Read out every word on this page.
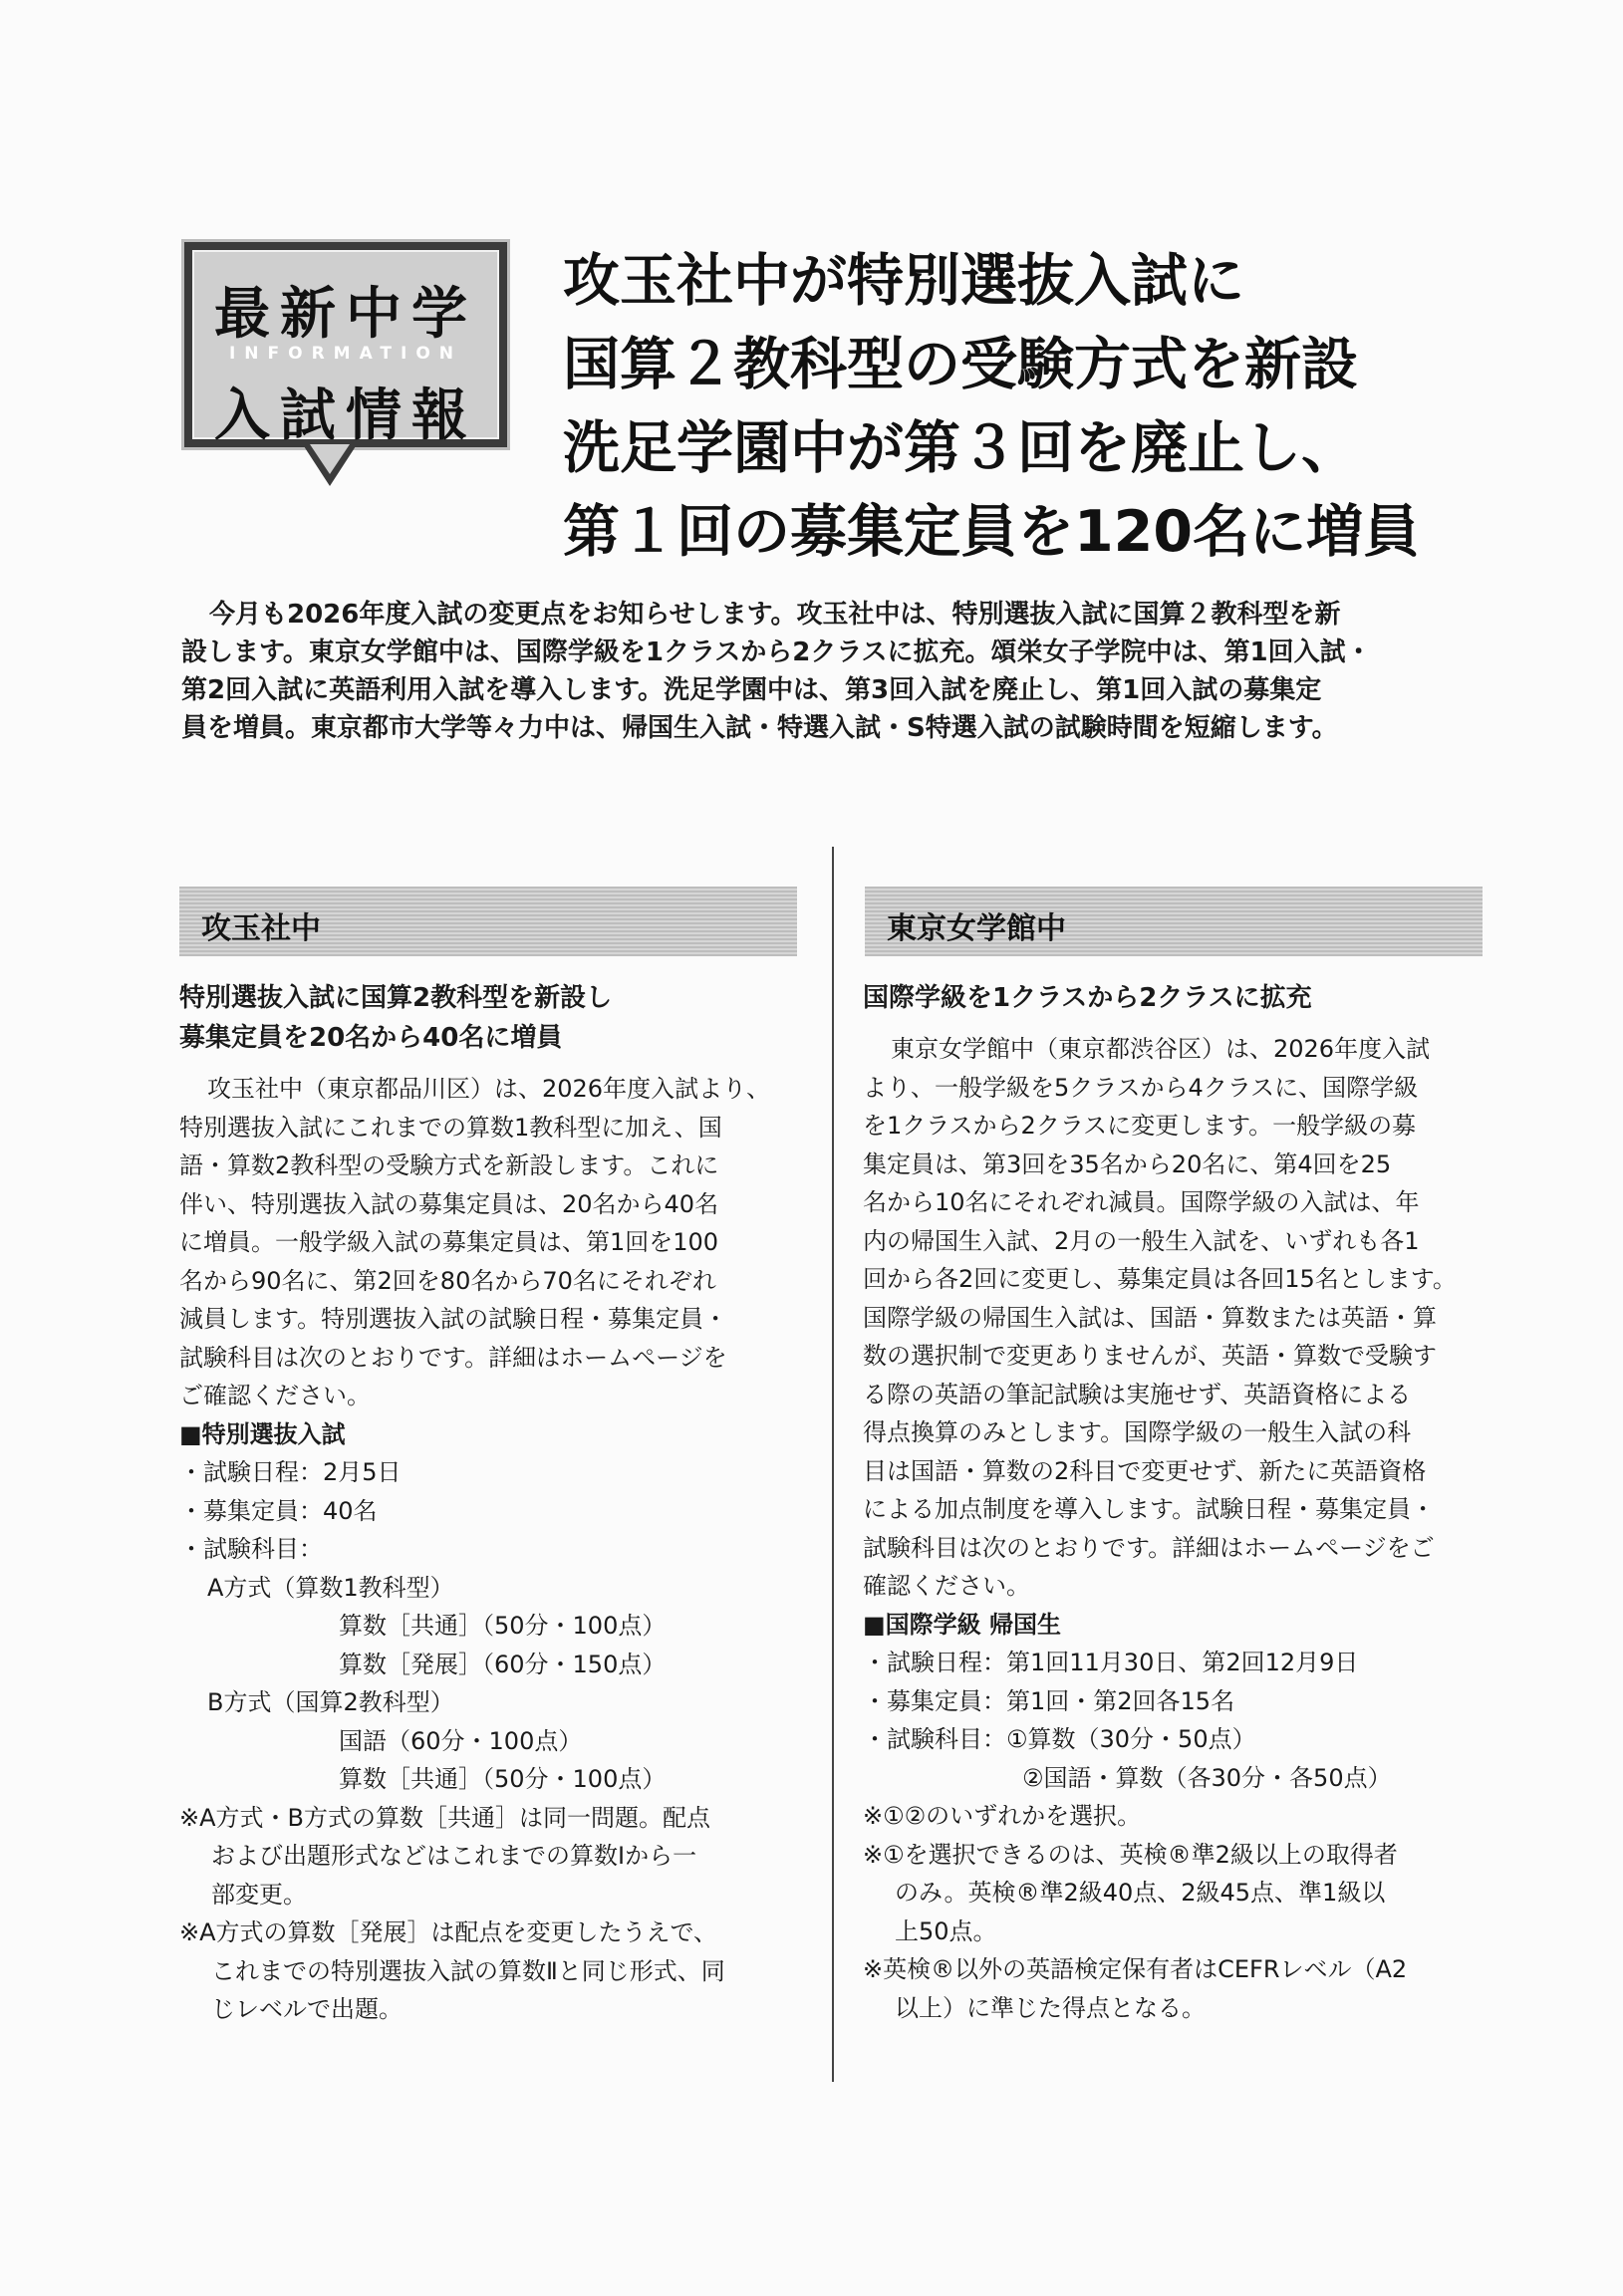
最新中学
INFORMATION
入試情報
攻玉社中が特別選抜入試に
国算２教科型の受験方式を新設
洗足学園中が第３回を廃止し、
第１回の募集定員を120名に増員
今月も2026年度入試の変更点をお知らせします。攻玉社中は、特別選抜入試に国算２教科型を新
設します。東京女学館中は、国際学級を1クラスから2クラスに拡充。頌栄女子学院中は、第1回入試・
第2回入試に英語利用入試を導入します。洗足学園中は、第3回入試を廃止し、第1回入試の募集定
員を増員。東京都市大学等々力中は、帰国生入試・特選入試・S特選入試の試験時間を短縮します。
攻玉社中	東京女学館中
特別選抜入試に国算2教科型を新設し
募集定員を20名から40名に増員
攻玉社中（東京都品川区）は、2026年度入試より、
特別選抜入試にこれまでの算数1教科型に加え、国
語・算数2教科型の受験方式を新設します。これに
伴い、特別選抜入試の募集定員は、20名から40名
に増員。一般学級入試の募集定員は、第1回を100
名から90名に、第2回を80名から70名にそれぞれ
減員します。特別選抜入試の試験日程・募集定員・
試験科目は次のとおりです。詳細はホームページを
ご確認ください。
■特別選抜入試
・試験日程：2月5日
・募集定員：40名
・試験科目：
A方式（算数1教科型）
算数［共通］（50分・100点）
算数［発展］（60分・150点）
B方式（国算2教科型）
国語（60分・100点）
算数［共通］（50分・100点）
※A方式・B方式の算数［共通］は同一問題。配点
および出題形式などはこれまでの算数Ⅰから一
部変更。
※A方式の算数［発展］は配点を変更したうえで、
これまでの特別選抜入試の算数Ⅱと同じ形式、同
じレベルで出題。
国際学級を1クラスから2クラスに拡充
東京女学館中（東京都渋谷区）は、2026年度入試
より、一般学級を5クラスから4クラスに、国際学級
を1クラスから2クラスに変更します。一般学級の募
集定員は、第3回を35名から20名に、第4回を25
名から10名にそれぞれ減員。国際学級の入試は、年
内の帰国生入試、2月の一般生入試を、いずれも各1
回から各2回に変更し、募集定員は各回15名とします。
国際学級の帰国生入試は、国語・算数または英語・算
数の選択制で変更ありませんが、英語・算数で受験す
る際の英語の筆記試験は実施せず、英語資格による
得点換算のみとします。国際学級の一般生入試の科
目は国語・算数の2科目で変更せず、新たに英語資格
による加点制度を導入します。試験日程・募集定員・
試験科目は次のとおりです。詳細はホームページをご
確認ください。
■国際学級 帰国生
・試験日程：第1回11月30日、第2回12月9日
・募集定員：第1回・第2回各15名
・試験科目：①算数（30分・50点）
②国語・算数（各30分・各50点）
※①②のいずれかを選択。
※①を選択できるのは、英検®準2級以上の取得者
のみ。英検®準2級40点、2級45点、準1級以
上50点。
※英検®以外の英語検定保有者はCEFRレベル（A2
以上）に準じた得点となる。
